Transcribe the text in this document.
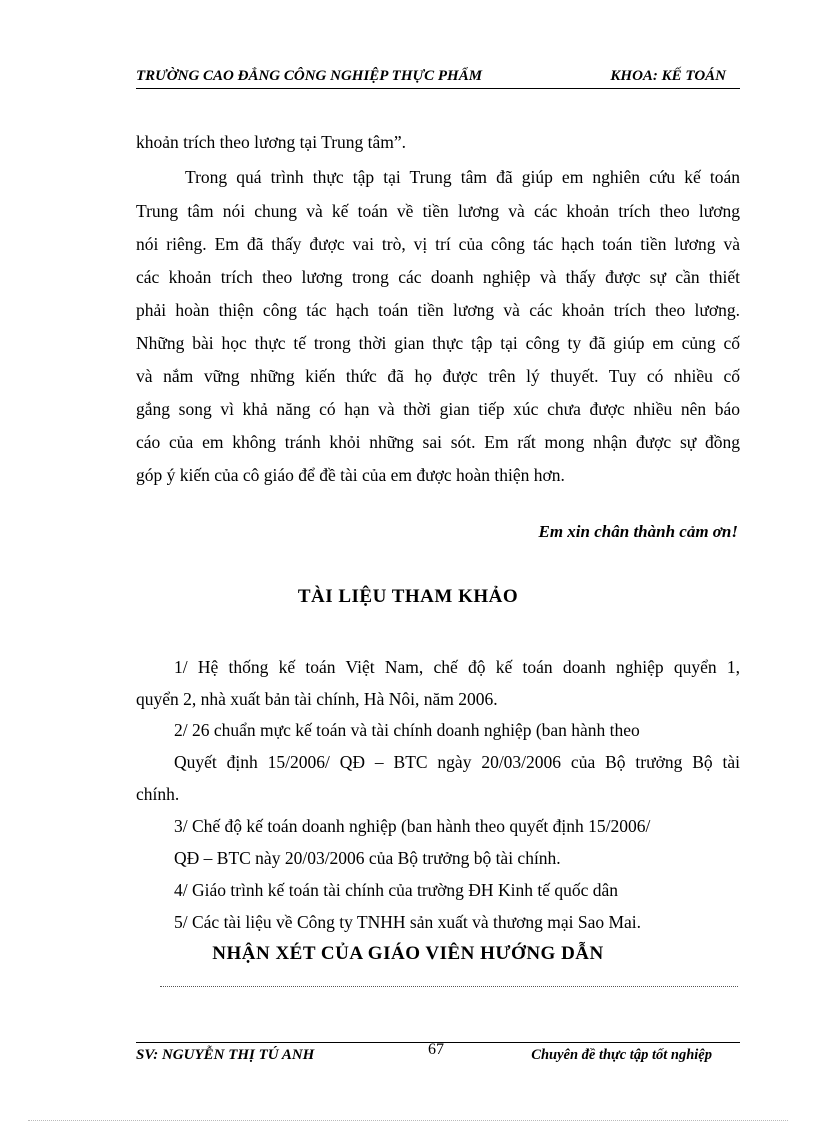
TRƯỜNG CAO ĐẲNG CÔNG NGHIỆP THỰC PHẨM	KHOA: KẾ TOÁN
khoản trích theo lương tại Trung tâm”.
Trong quá trình thực tập tại Trung tâm đã giúp em nghiên cứu kế toán
Trung tâm nói chung và kế toán về tiền lương và các khoản trích theo lương
nói riêng. Em đã thấy được vai trò, vị trí của công tác hạch toán tiền lương và
các khoản trích theo lương trong các doanh nghiệp và thấy được sự cần thiết
phải hoàn thiện công tác hạch toán tiền lương và các khoản trích theo lương.
Những bài học thực tế trong thời gian thực tập tại công ty đã giúp em củng cố
và nắm vững những kiến thức đã họ được trên lý thuyết. Tuy có nhiều cố
gắng song vì khả năng có hạn và thời gian tiếp xúc chưa được nhiều nên báo
cáo của em không tránh khỏi những sai sót. Em rất mong nhận được sự đồng
góp ý kiến của cô giáo để đề tài của em được hoàn thiện hơn.
Em xin chân thành cảm ơn!
TÀI LIỆU THAM KHẢO
1/ Hệ thống kế toán Việt Nam, chế độ kế toán doanh nghiệp quyển 1,
quyển 2, nhà xuất bản tài chính, Hà Nôi, năm 2006.
2/ 26 chuẩn mực kế toán và tài chính doanh nghiệp (ban hành theo
Quyết định 15/2006/ QĐ – BTC ngày 20/03/2006 của Bộ trưởng Bộ tài
chính.
3/ Chế độ kế toán doanh nghiệp (ban hành theo quyết định 15/2006/
QĐ – BTC này 20/03/2006 của Bộ trưởng bộ tài chính.
4/ Giáo trình kế toán tài chính của trường ĐH Kinh tế quốc dân
5/ Các tài liệu về Công ty TNHH sản xuất và thương mại Sao Mai.
NHẬN XÉT CỦA GIÁO VIÊN HƯỚNG DẪN
SV: NGUYỄN THỊ TÚ ANH	67	Chuyên đề thực tập tốt nghiệp
